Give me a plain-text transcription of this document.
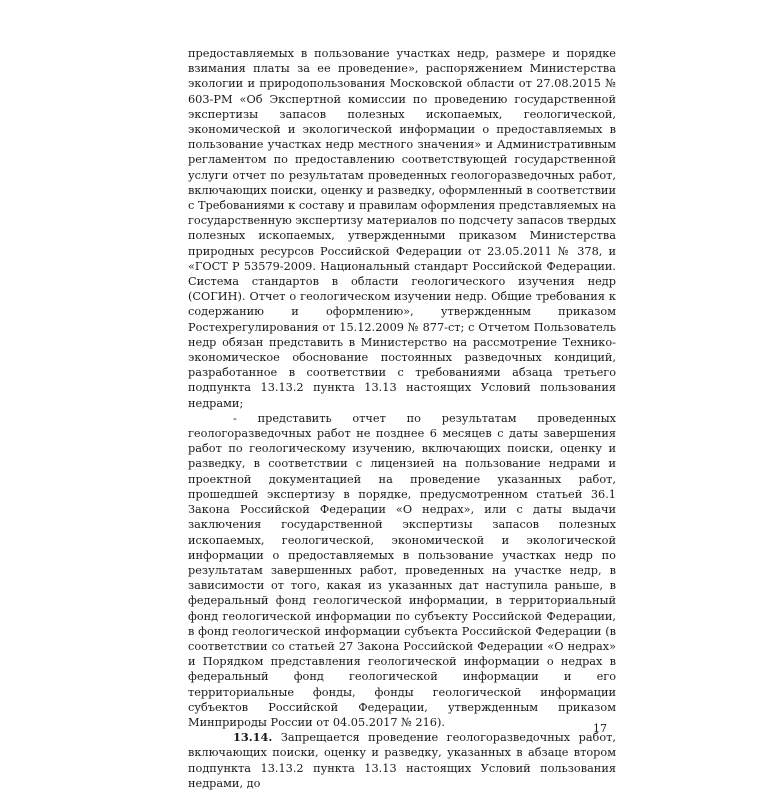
предоставляемых в пользование участках недр, размере и порядке взимания платы за ее проведение», распоряжением Министерства экологии и природопользования Московской области от 27.08.2015 № 603-РМ «Об Экспертной комиссии по проведению государственной экспертизы запасов полезных ископаемых, геологической, экономической и экологической информации о предоставляемых в пользование участках недр местного значения» и Административным регламентом по предоставлению соответствующей государственной услуги отчет по результатам проведенных геологоразведочных работ, включающих поиски, оценку и разведку, оформленный в соответствии с Требованиями к составу и правилам оформления представляемых на государственную экспертизу материалов по подсчету запасов твердых полезных ископаемых, утвержденными приказом Министерства природных ресурсов Российской Федерации от 23.05.2011 № 378, и «ГОСТ Р 53579-2009. Национальный стандарт Российской Федерации. Система стандартов в области геологического изучения недр (СОГИН). Отчет о геологическом изучении недр. Общие требования к содержанию и оформлению», утвержденным приказом Ростехрегулирования от 15.12.2009 № 877-ст; с Отчетом Пользователь недр обязан представить в Министерство на рассмотрение Технико-экономическое обоснование постоянных разведочных кондиций, разработанное в соответствии с требованиями абзаца третьего подпункта 13.13.2 пункта 13.13 настоящих Условий пользования недрами;

- представить отчет по результатам проведенных геологоразведочных работ не позднее 6 месяцев с даты завершения работ по геологическому изучению, включающих поиски, оценку и разведку, в соответствии с лицензией на пользование недрами и проектной документацией на проведение указанных работ, прошедшей экспертизу в порядке, предусмотренном статьей 36.1 Закона Российской Федерации «О недрах», или с даты выдачи заключения государственной экспертизы запасов полезных ископаемых, геологической, экономической и экологической информации о предоставляемых в пользование участках недр по результатам завершенных работ, проведенных на участке недр, в зависимости от того, какая из указанных дат наступила раньше, в федеральный фонд геологической информации, в территориальный фонд геологической информации по субъекту Российской Федерации, в фонд геологической информации субъекта Российской Федерации (в соответствии со статьей 27 Закона Российской Федерации «О недрах» и Порядком представления геологической информации о недрах в федеральный фонд геологической информации и его территориальные фонды, фонды геологической информации субъектов Российской Федерации, утвержденным приказом Минприроды России от 04.05.2017 № 216).

13.14. Запрещается проведение геологоразведочных работ, включающих поиски, оценку и разведку, указанных в абзаце втором подпункта 13.13.2 пункта 13.13 настоящих Условий пользования недрами, до

17
